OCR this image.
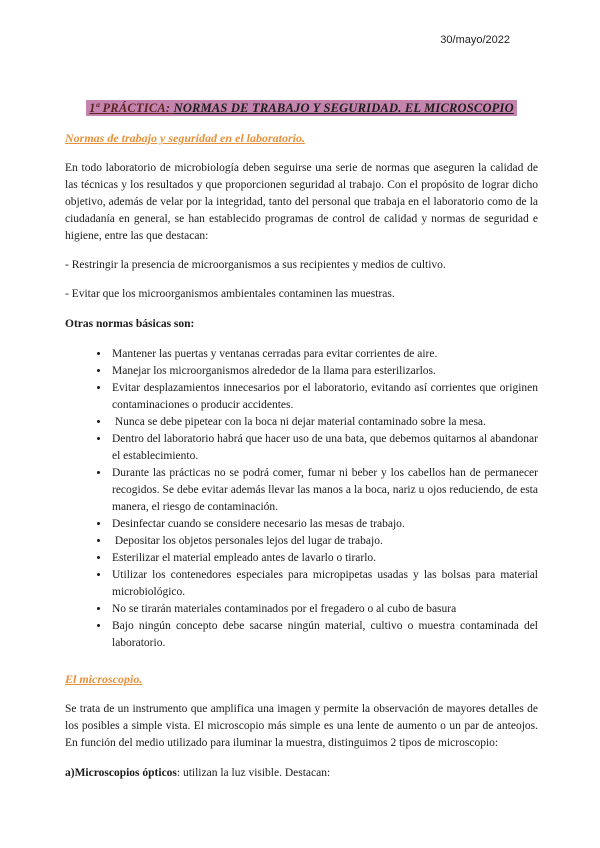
30/mayo/2022
1ª PRÁCTICA: NORMAS DE TRABAJO Y SEGURIDAD. EL MICROSCOPIO
Normas de trabajo y seguridad en el laboratorio.

En todo laboratorio de microbiología deben seguirse una serie de normas que aseguren la calidad de las técnicas y los resultados y que proporcionen seguridad al trabajo. Con el propósito de lograr dicho objetivo, además de velar por la integridad, tanto del personal que trabaja en el laboratorio como de la ciudadanía en general, se han establecido programas de control de calidad y normas de seguridad e higiene, entre las que destacan:

- Restringir la presencia de microorganismos a sus recipientes y medios de cultivo.

- Evitar que los microorganismos ambientales contaminen las muestras.

Otras normas básicas son:

• Mantener las puertas y ventanas cerradas para evitar corrientes de aire.
• Manejar los microorganismos alrededor de la llama para esterilizarlos.
• Evitar desplazamientos innecesarios por el laboratorio, evitando así corrientes que originen contaminaciones o producir accidentes.
•  Nunca se debe pipetear con la boca ni dejar material contaminado sobre la mesa.
• Dentro del laboratorio habrá que hacer uso de una bata, que debemos quitarnos al abandonar el establecimiento.
• Durante las prácticas no se podrá comer, fumar ni beber y los cabellos han de permanecer recogidos. Se debe evitar además llevar las manos a la boca, nariz u ojos reduciendo, de esta manera, el riesgo de contaminación.
• Desinfectar cuando se considere necesario las mesas de trabajo.
•  Depositar los objetos personales lejos del lugar de trabajo.
• Esterilizar el material empleado antes de lavarlo o tirarlo.
• Utilizar los contenedores especiales para micropipetas usadas y las bolsas para material microbiológico.
• No se tirarán materiales contaminados por el fregadero o al cubo de basura
• Bajo ningún concepto debe sacarse ningún material, cultivo o muestra contaminada del laboratorio.
El microscopio.

Se trata de un instrumento que amplifica una imagen y permite la observación de mayores detalles de los posibles a simple vista. El microscopio más simple es una lente de aumento o un par de anteojos. En función del medio utilizado para iluminar la muestra, distinguimos 2 tipos de microscopio:

a)Microscopios ópticos: utilizan la luz visible. Destacan:
